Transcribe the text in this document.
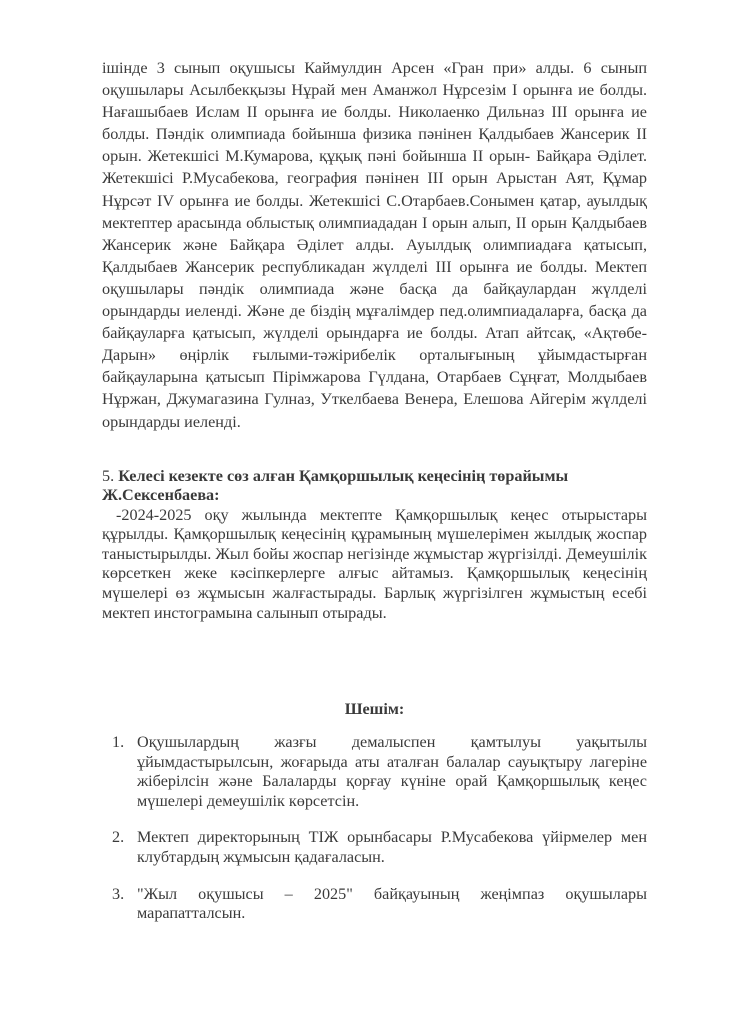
ішінде 3 сынып оқушысы Каймулдин Арсен «Гран при» алды. 6 сынып оқушылары Асылбекқызы Нұрай мен Аманжол Нұрсезім І орынға ие болды. Нағашыбаев Ислам ІІ орынға ие болды. Николаенко Дильназ ІІІ орынға ие болды. Пәндік олимпиада бойынша физика пәнінен Қалдыбаев Жансерик ІІ орын. Жетекшісі М.Кумарова, құқық пәні бойынша ІІ орын- Байқара Әділет. Жетекшісі Р.Мусабекова, география пәнінен ІІІ орын Арыстан Аят, Құмар Нұрсәт IV орынға ие болды. Жетекшісі С.Отарбаев.Сонымен қатар, ауылдық мектептер арасында облыстық олимпиададан І орын алып, ІІ орын Қалдыбаев Жансерик және Байқара Әділет алды. Ауылдық олимпиадаға қатысып, Қалдыбаев Жансерик республикадан жүлделі ІІІ орынға ие болды. Мектеп оқушылары пәндік олимпиада және басқа да байқаулардан жүлделі орындарды иеленді. Және де біздің мұғалімдер пед.олимпиадаларға, басқа да байқауларға қатысып, жүлделі орындарға ие болды. Атап айтсақ, «Ақтөбе-Дарын» өңірлік ғылыми-тәжірибелік орталығының ұйымдастырған байқауларына қатысып Пірімжарова Гүлдана, Отарбаев Сұңғат, Молдыбаев Нұржан, Джумагазина Гулназ, Уткелбаева Венера, Елешова Айгерім жүлделі орындарды иеленді.

5. Келесі кезекте сөз алған Қамқоршылық кеңесінің төрайымы Ж.Сексенбаева:

-2024-2025 оқу жылында мектепте Қамқоршылық кеңес отырыстары құрылды. Қамқоршылық кеңесінің құрамының мүшелерімен жылдық жоспар таныстырылды. Жыл бойы жоспар негізінде жұмыстар жүргізілді. Демеушілік көрсеткен жеке кәсіпкерлерге алғыс айтамыз. Қамқоршылық кеңесінің мүшелері өз жұмысын жалғастырады. Барлық жүргізілген жұмыстың есебі мектеп инстограмына салынып отырады.

Шешім:
1. Оқушылардың жазғы демалыспен қамтылуы уақытылы ұйымдастырылсын, жоғарыда аты аталған балалар сауықтыру лагеріне жіберілсін және Балаларды қорғау күніне орай Қамқоршылық кеңес мүшелері демеушілік көрсетсін.
2. Мектеп директорының ТІЖ орынбасары Р.Мусабекова үйірмелер мен клубтардың жұмысын қадағаласын.
3. "Жыл оқушысы – 2025" байқауының жеңімпаз оқушылары марапатталсын.
